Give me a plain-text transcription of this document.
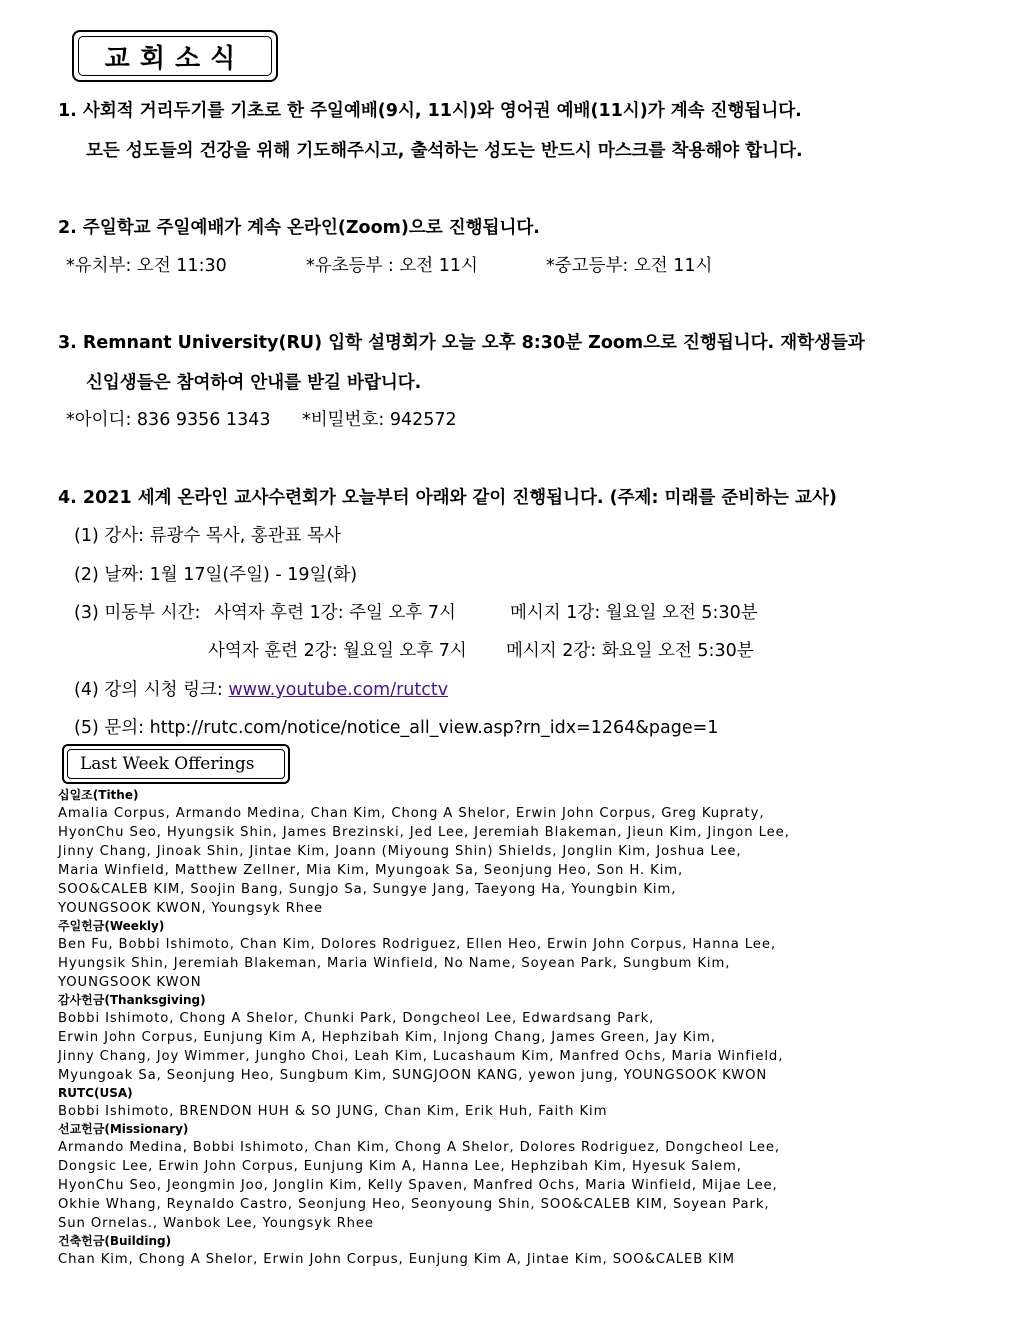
교회소식
1. 사회적 거리두기를 기초로 한 주일예배(9시, 11시)와 영어권 예배(11시)가 계속 진행됩니다.
모든 성도들의 건강을 위해 기도해주시고, 출석하는 성도는 반드시 마스크를 착용해야 합니다.
2. 주일학교 주일예배가 계속 온라인(Zoom)으로 진행됩니다.
*유치부: 오전 11:30	*유초등부 : 오전 11시	*중고등부: 오전 11시
3. Remnant University(RU) 입학 설명회가 오늘 오후 8:30분 Zoom으로 진행됩니다. 재학생들과
신입생들은 참여하여 안내를 받길 바랍니다.
*아이디: 836 9356 1343 *비밀번호: 942572
4. 2021 세계 온라인 교사수련회가 오늘부터 아래와 같이 진행됩니다. (주제: 미래를 준비하는 교사)
(1) 강사: 류광수 목사, 홍관표 목사
(2) 날짜: 1월 17일(주일) - 19일(화)
(3) 미동부 시간: 사역자 후련 1강: 주일 오후 7시	메시지 1강: 월요일 오전 5:30분
사역자 훈련 2강: 월요일 오후 7시 메시지 2강: 화요일 오전 5:30분
(4) 강의 시청 링크: www.youtube.com/rutctv
(5) 문의: http://rutc.com/notice/notice_all_view.asp?rn_idx=1264&page=1
Last Week Offerings
십일조(Tithe)

Amalia Corpus, Armando Medina, Chan Kim, Chong A Shelor, Erwin John Corpus, Greg Kupraty,

HyonChu Seo, Hyungsik Shin, James Brezinski, Jed Lee, Jeremiah Blakeman, Jieun Kim, Jingon Lee,

Jinny Chang, Jinoak Shin, Jintae Kim, Joann (Miyoung Shin) Shields, Jonglin Kim, Joshua Lee,

Maria Winfield, Matthew Zellner, Mia Kim, Myungoak Sa, Seonjung Heo, Son H. Kim,

SOO&CALEB KIM, Soojin Bang, Sungjo Sa, Sungye Jang, Taeyong Ha, Youngbin Kim,

YOUNGSOOK KWON, Youngsyk Rhee

주일헌금(Weekly)

Ben Fu, Bobbi Ishimoto, Chan Kim, Dolores Rodriguez, Ellen Heo, Erwin John Corpus, Hanna Lee,

Hyungsik Shin, Jeremiah Blakeman, Maria Winfield, No Name, Soyean Park, Sungbum Kim,

YOUNGSOOK KWON

감사헌금(Thanksgiving)

Bobbi Ishimoto, Chong A Shelor, Chunki Park, Dongcheol Lee, Edwardsang Park,

Erwin John Corpus, Eunjung Kim A, Hephzibah Kim, Injong Chang, James Green, Jay Kim,

Jinny Chang, Joy Wimmer, Jungho Choi, Leah Kim, Lucashaum Kim, Manfred Ochs, Maria Winfield,

Myungoak Sa, Seonjung Heo, Sungbum Kim, SUNGJOON KANG, yewon jung, YOUNGSOOK KWON

RUTC(USA)

Bobbi Ishimoto, BRENDON HUH & SO JUNG, Chan Kim, Erik Huh, Faith Kim

선교헌금(Missionary)

Armando Medina, Bobbi Ishimoto, Chan Kim, Chong A Shelor, Dolores Rodriguez, Dongcheol Lee,

Dongsic Lee, Erwin John Corpus, Eunjung Kim A, Hanna Lee, Hephzibah Kim, Hyesuk Salem,

HyonChu Seo, Jeongmin Joo, Jonglin Kim, Kelly Spaven, Manfred Ochs, Maria Winfield, Mijae Lee,

Okhie Whang, Reynaldo Castro, Seonjung Heo, Seonyoung Shin, SOO&CALEB KIM, Soyean Park,

Sun Ornelas., Wanbok Lee, Youngsyk Rhee

건축헌금(Building)

Chan Kim, Chong A Shelor, Erwin John Corpus, Eunjung Kim A, Jintae Kim, SOO&CALEB KIM
